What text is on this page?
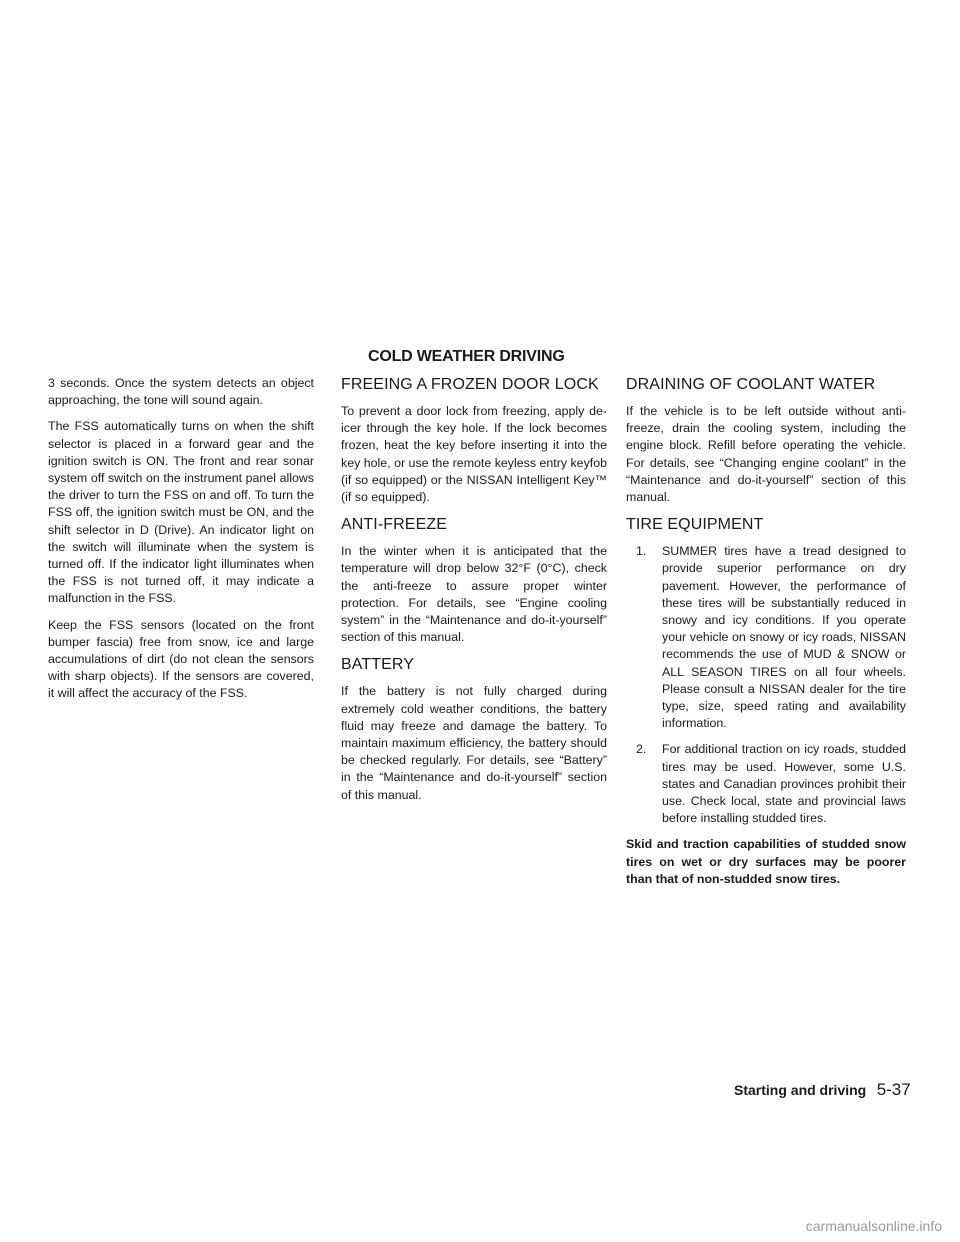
COLD WEATHER DRIVING

3 seconds. Once the system detects an object approaching, the tone will sound again.

The FSS automatically turns on when the shift selector is placed in a forward gear and the ignition switch is ON. The front and rear sonar system off switch on the instrument panel allows the driver to turn the FSS on and off. To turn the FSS off, the ignition switch must be ON, and the shift selector in D (Drive). An indicator light on the switch will illuminate when the system is turned off. If the indicator light illuminates when the FSS is not turned off, it may indicate a malfunction in the FSS.

Keep the FSS sensors (located on the front bumper fascia) free from snow, ice and large accumulations of dirt (do not clean the sensors with sharp objects). If the sensors are covered, it will affect the accuracy of the FSS.

FREEING A FROZEN DOOR LOCK

To prevent a door lock from freezing, apply de-icer through the key hole. If the lock becomes frozen, heat the key before inserting it into the key hole, or use the remote keyless entry keyfob (if so equipped) or the NISSAN Intelligent Key™ (if so equipped).

ANTI-FREEZE

In the winter when it is anticipated that the temperature will drop below 32°F (0°C), check the anti-freeze to assure proper winter protection. For details, see “Engine cooling system” in the “Maintenance and do-it-yourself” section of this manual.

BATTERY

If the battery is not fully charged during extremely cold weather conditions, the battery fluid may freeze and damage the battery. To maintain maximum efficiency, the battery should be checked regularly. For details, see “Battery” in the “Maintenance and do-it-yourself” section of this manual.

DRAINING OF COOLANT WATER

If the vehicle is to be left outside without anti-freeze, drain the cooling system, including the engine block. Refill before operating the vehicle. For details, see “Changing engine coolant” in the “Maintenance and do-it-yourself” section of this manual.

TIRE EQUIPMENT
1. SUMMER tires have a tread designed to provide superior performance on dry pavement. However, the performance of these tires will be substantially reduced in snowy and icy conditions. If you operate your vehicle on snowy or icy roads, NISSAN recommends the use of MUD & SNOW or ALL SEASON TIRES on all four wheels. Please consult a NISSAN dealer for the tire type, size, speed rating and availability information.
2. For additional traction on icy roads, studded tires may be used. However, some U.S. states and Canadian provinces prohibit their use. Check local, state and provincial laws before installing studded tires.

Skid and traction capabilities of studded snow tires on wet or dry surfaces may be poorer than that of non-studded snow tires.

Starting and driving 5-37
carmanualsonline.info
